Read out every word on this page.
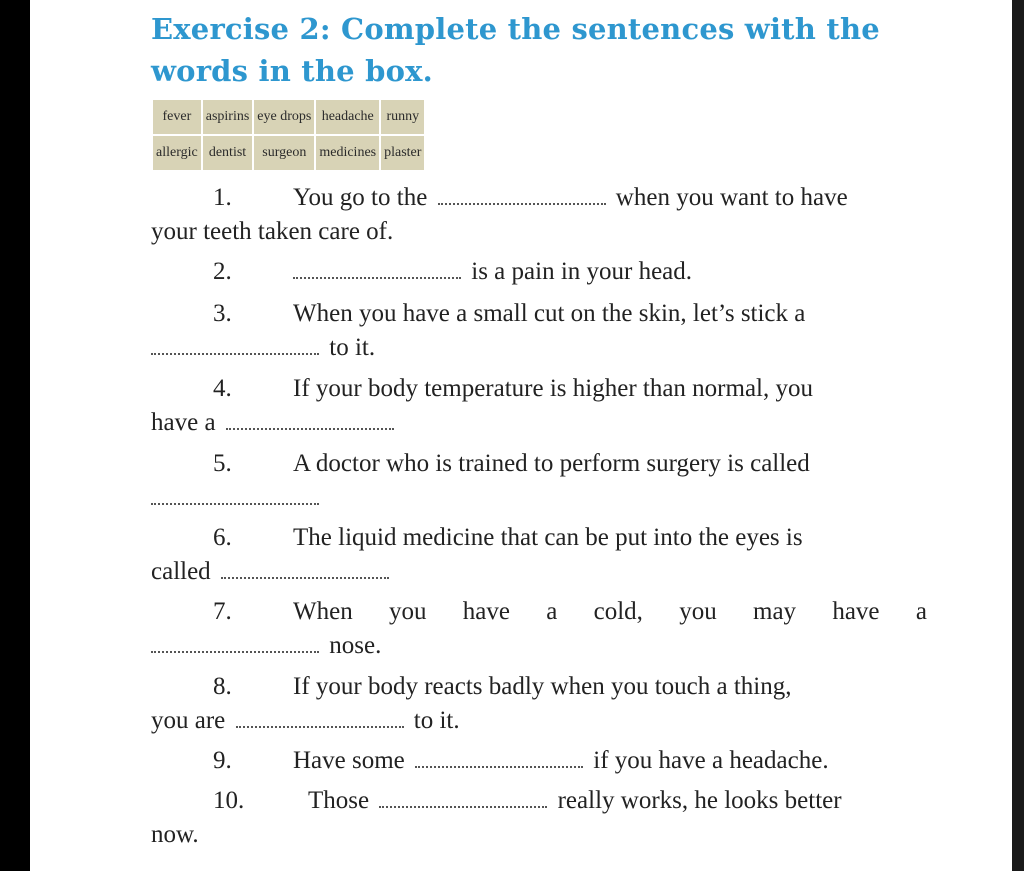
Exercise 2: Complete the sentences with the words in the box.
fever	aspirins	eye drops	headache	runny
allergic	dentist	surgeon	medicines	plaster
1.	You go to the	when you want to have
your teeth taken care of.
2.	is a pain in your head.
3.	When you have a small cut on the skin, let’s stick a
to it.
4.	If your body temperature is higher than normal, you
have a
5.	A doctor who is trained to perform surgery is called
6.	The liquid medicine that can be put into the eyes is
called
7.	When you have a cold, you may have a
nose.
8.	If your body reacts badly when you touch a thing,
you are	to it.
9.	Have some	if you have a headache.
10.	Those	really works, he looks better
now.
